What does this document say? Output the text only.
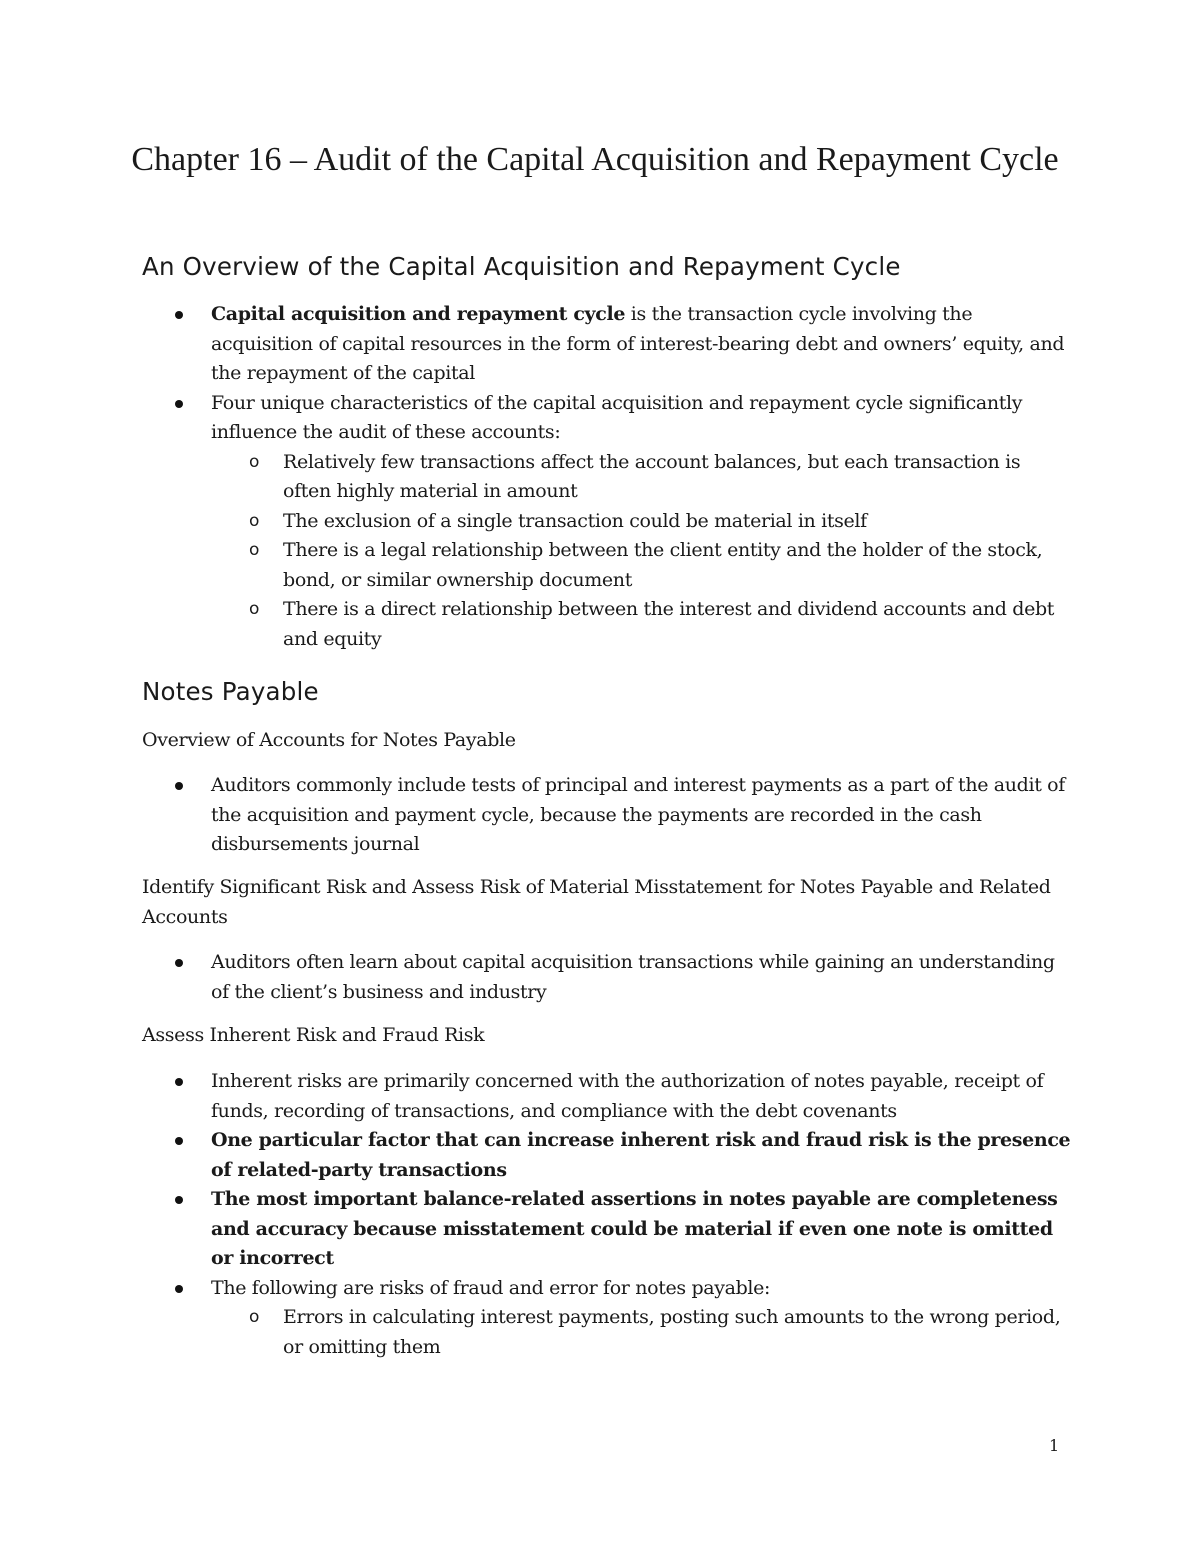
Chapter 16 – Audit of the Capital Acquisition and Repayment Cycle
An Overview of the Capital Acquisition and Repayment Cycle
Capital acquisition and repayment cycle is the transaction cycle involving the acquisition of capital resources in the form of interest-bearing debt and owners’ equity, and the repayment of the capital
Four unique characteristics of the capital acquisition and repayment cycle significantly influence the audit of these accounts:
o Relatively few transactions affect the account balances, but each transaction is often highly material in amount
o The exclusion of a single transaction could be material in itself
o There is a legal relationship between the client entity and the holder of the stock, bond, or similar ownership document
o There is a direct relationship between the interest and dividend accounts and debt and equity
Notes Payable

Overview of Accounts for Notes Payable

Auditors commonly include tests of principal and interest payments as a part of the audit of the acquisition and payment cycle, because the payments are recorded in the cash disbursements journal

Identify Significant Risk and Assess Risk of Material Misstatement for Notes Payable and Related Accounts

Auditors often learn about capital acquisition transactions while gaining an understanding of the client’s business and industry

Assess Inherent Risk and Fraud Risk

Inherent risks are primarily concerned with the authorization of notes payable, receipt of funds, recording of transactions, and compliance with the debt covenants
One particular factor that can increase inherent risk and fraud risk is the presence of related-party transactions
The most important balance-related assertions in notes payable are completeness and accuracy because misstatement could be material if even one note is omitted or incorrect
The following are risks of fraud and error for notes payable:
o Errors in calculating interest payments, posting such amounts to the wrong period, or omitting them
1
